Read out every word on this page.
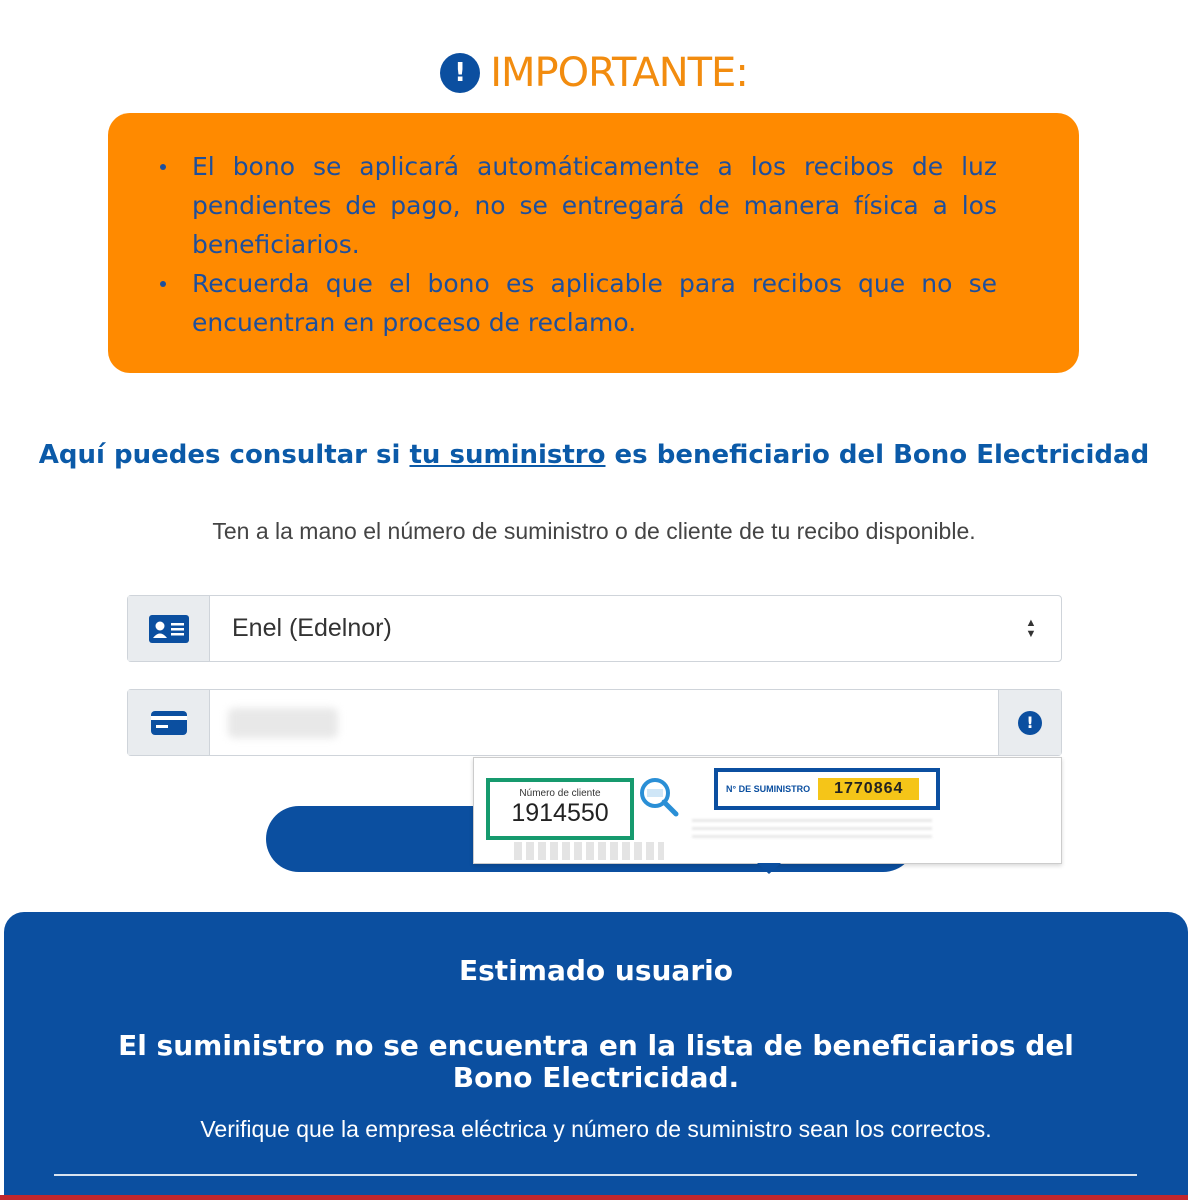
! IMPORTANTE:
El bono se aplicará automáticamente a los recibos de luz pendientes de pago, no se entregará de manera física a los beneficiarios.
Recuerda que el bono es aplicable para recibos que no se encuentran en proceso de reclamo.
Aquí puedes consultar si tu suministro es beneficiario del Bono Electricidad
Ten a la mano el número de suministro o de cliente de tu recibo disponible.
Enel (Edelnor)	▲
▼
!
Número de cliente
1914550
N° DE SUMINISTRO	1770864
Estimado usuario
El suministro no se encuentra en la lista de beneficiarios del Bono Electricidad.
Verifique que la empresa eléctrica y número de suministro sean los correctos.
